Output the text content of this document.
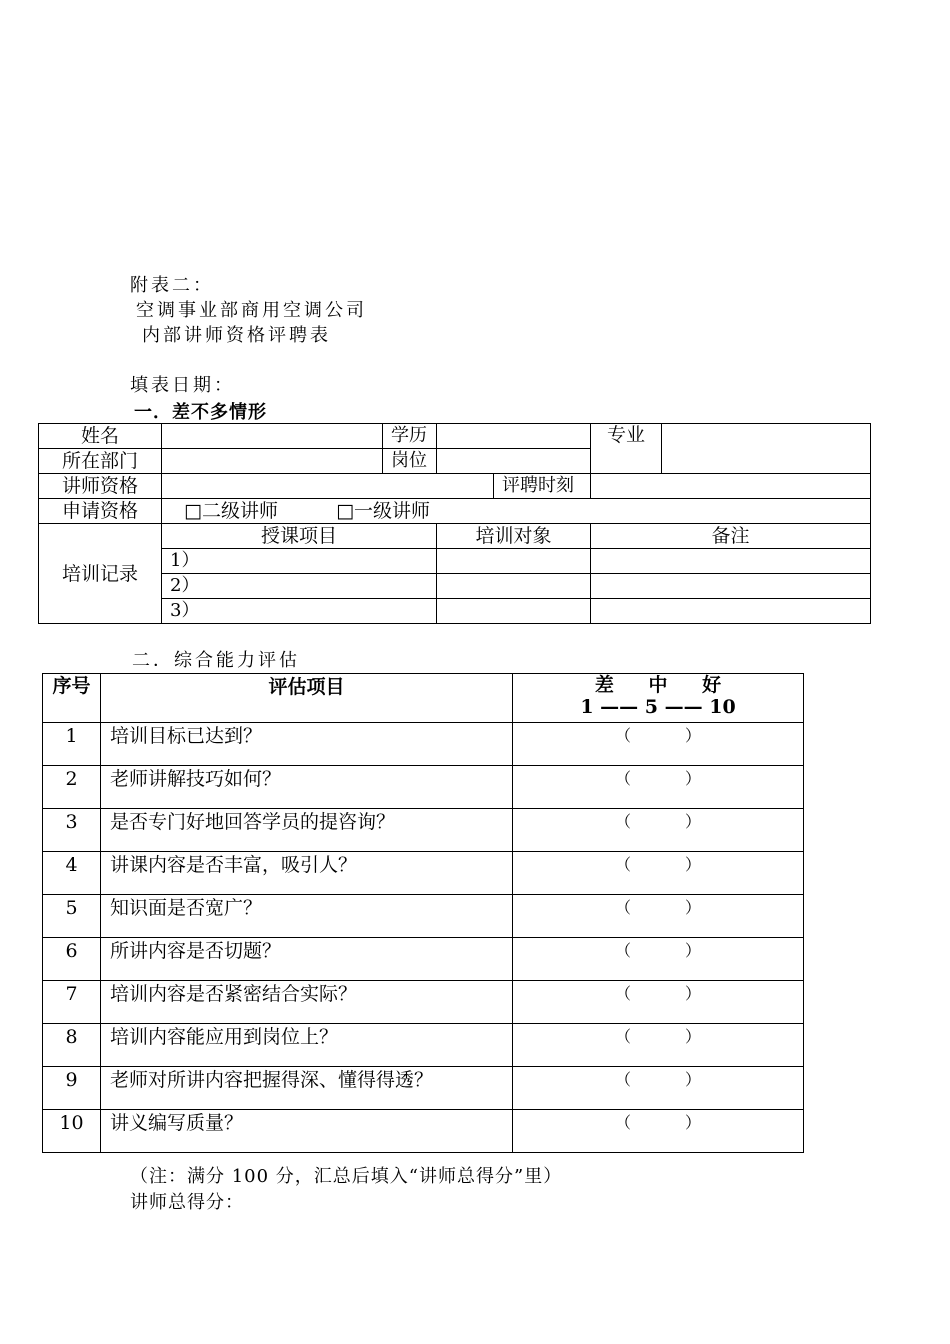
附表二：
空调事业部商用空调公司
内部讲师资格评聘表
填表日期：
一．差不多情形
姓名		学历			专业	
所在部门		岗位				
讲师资格				评聘时刻		
申请资格	□二级讲师 □一级讲师					
培训记录	授课项目		培训对象		备注	
	1）					
	2）					
	3）					
二．综合能力评估
序号	评估项目	差 中 好
1 —— 5 —— 10
1	培训目标已达到？	（ ）
2	老师讲解技巧如何？	（ ）
3	是否专门好地回答学员的提咨询？	（ ）
4	讲课内容是否丰富，吸引人？	（ ）
5	知识面是否宽广？	（ ）
6	所讲内容是否切题？	（ ）
7	培训内容是否紧密结合实际？	（ ）
8	培训内容能应用到岗位上？	（ ）
9	老师对所讲内容把握得深、懂得得透？	（ ）
10	讲义编写质量？	（ ）
（注：满分 100 分，汇总后填入“讲师总得分”里）
讲师总得分：
